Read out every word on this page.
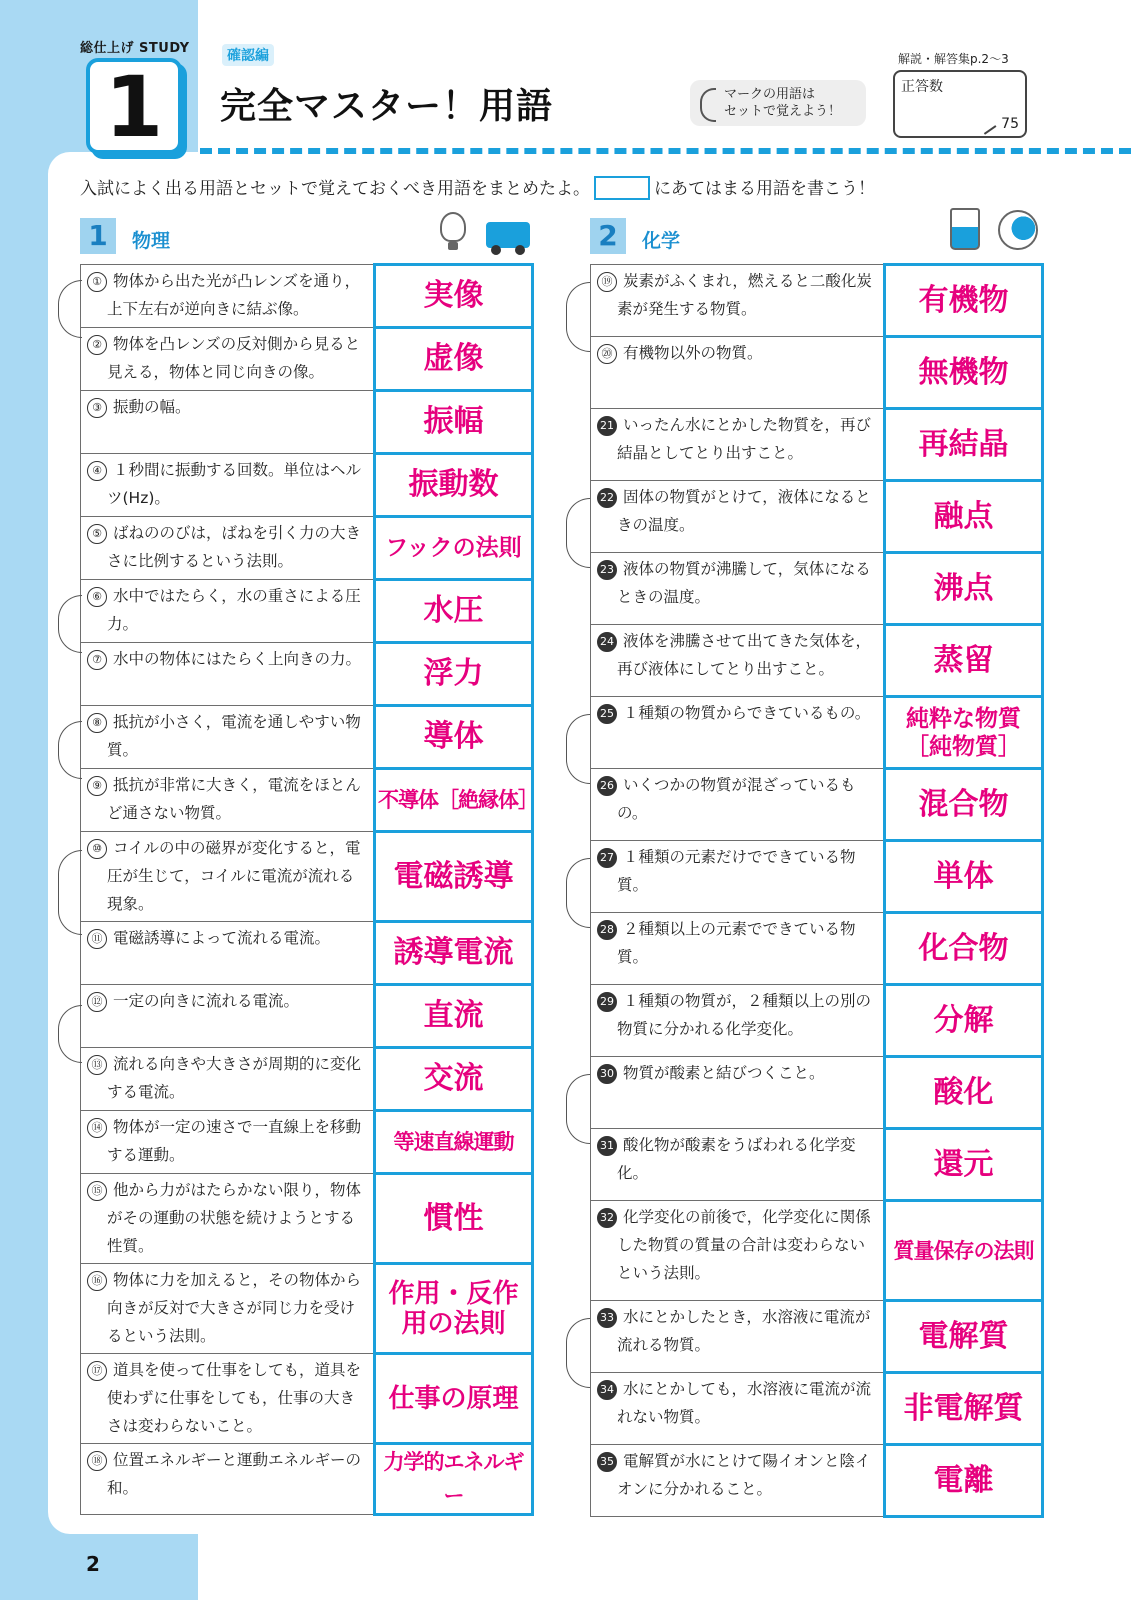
総仕上げ STUDY
1
確認編
完全マスター！用語	マークの用語は
セットで覚えよう！
解説・解答集p.2〜3
正答数
75
入試によく出る用語とセットで覚えておくべき用語をまとめたよ。	にあてはまる用語を書こう！
1	物理	2	化学
① 物体から出た光が凸レンズを通り，上下左右が逆向きに結ぶ像。	実像
② 物体を凸レンズの反対側から見ると見える，物体と同じ向きの像。	虚像
③ 振動の幅。	振幅
④ １秒間に振動する回数。単位はヘルツ(Hz)。	振動数
⑤ ばねののびは，ばねを引く力の大きさに比例するという法則。	フックの法則
⑥ 水中ではたらく，水の重さによる圧力。	水圧
⑦ 水中の物体にはたらく上向きの力。	浮力
⑧ 抵抗が小さく，電流を通しやすい物質。	導体
⑨ 抵抗が非常に大きく，電流をほとんど通さない物質。	不導体［絶縁体］
⑩ コイルの中の磁界が変化すると，電圧が生じて，コイルに電流が流れる現象。	電磁誘導
⑪ 電磁誘導によって流れる電流。	誘導電流
⑫ 一定の向きに流れる電流。	直流
⑬ 流れる向きや大きさが周期的に変化する電流。	交流
⑭ 物体が一定の速さで一直線上を移動する運動。	等速直線運動
⑮ 他から力がはたらかない限り，物体がその運動の状態を続けようとする性質。	慣性
⑯ 物体に力を加えると，その物体から向きが反対で大きさが同じ力を受けるという法則。	作用・反作用の法則
⑰ 道具を使って仕事をしても，道具を使わずに仕事をしても，仕事の大きさは変わらないこと。	仕事の原理
⑱ 位置エネルギーと運動エネルギーの和。	力学的エネルギー
⑲ 炭素がふくまれ，燃えると二酸化炭素が発生する物質。	有機物
⑳ 有機物以外の物質。	無機物
21 いったん水にとかした物質を，再び結晶としてとり出すこと。	再結晶
22 固体の物質がとけて，液体になるときの温度。	融点
23 液体の物質が沸騰して，気体になるときの温度。	沸点
24 液体を沸騰させて出てきた気体を，再び液体にしてとり出すこと。	蒸留
25 １種類の物質からできているもの。	純粋な物質［純物質］
26 いくつかの物質が混ざっているもの。	混合物
27 １種類の元素だけでできている物質。	単体
28 ２種類以上の元素でできている物質。	化合物
29 １種類の物質が，２種類以上の別の物質に分かれる化学変化。	分解
30 物質が酸素と結びつくこと。	酸化
31 酸化物が酸素をうばわれる化学変化。	還元
32 化学変化の前後で，化学変化に関係した物質の質量の合計は変わらないという法則。	質量保存の法則
33 水にとかしたとき，水溶液に電流が流れる物質。	電解質
34 水にとかしても，水溶液に電流が流れない物質。	非電解質
35 電解質が水にとけて陽イオンと陰イオンに分かれること。	電離
2
